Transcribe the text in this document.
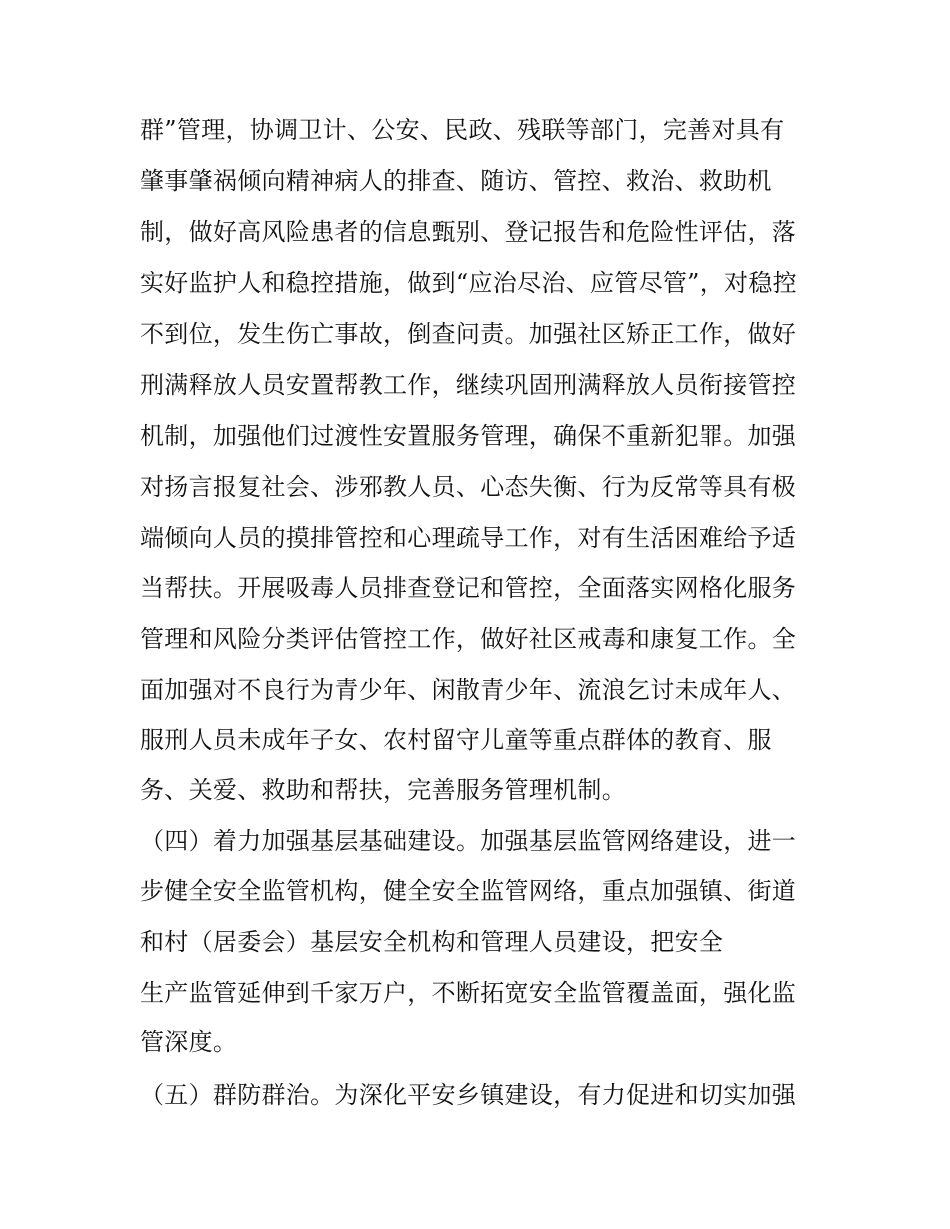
群”管理，协调卫计、公安、民政、残联等部门，完善对具有
肇事肇祸倾向精神病人的排查、随访、管控、救治、救助机
制，做好高风险患者的信息甄别、登记报告和危险性评估，落
实好监护人和稳控措施，做到“应治尽治、应管尽管”，对稳控
不到位，发生伤亡事故，倒查问责。加强社区矫正工作，做好
刑满释放人员安置帮教工作，继续巩固刑满释放人员衔接管控
机制，加强他们过渡性安置服务管理，确保不重新犯罪。加强
对扬言报复社会、涉邪教人员、心态失衡、行为反常等具有极
端倾向人员的摸排管控和心理疏导工作，对有生活困难给予适
当帮扶。开展吸毒人员排查登记和管控，全面落实网格化服务
管理和风险分类评估管控工作，做好社区戒毒和康复工作。全
面加强对不良行为青少年、闲散青少年、流浪乞讨未成年人、
服刑人员未成年子女、农村留守儿童等重点群体的教育、服
务、关爱、救助和帮扶，完善服务管理机制。
（四）着力加强基层基础建设。加强基层监管网络建设，进一
步健全安全监管机构，健全安全监管网络，重点加强镇、街道
和村（居委会）基层安全机构和管理人员建设，把安全
生产监管延伸到千家万户，不断拓宽安全监管覆盖面，强化监
管深度。
（五）群防群治。为深化平安乡镇建设，有力促进和切实加强
